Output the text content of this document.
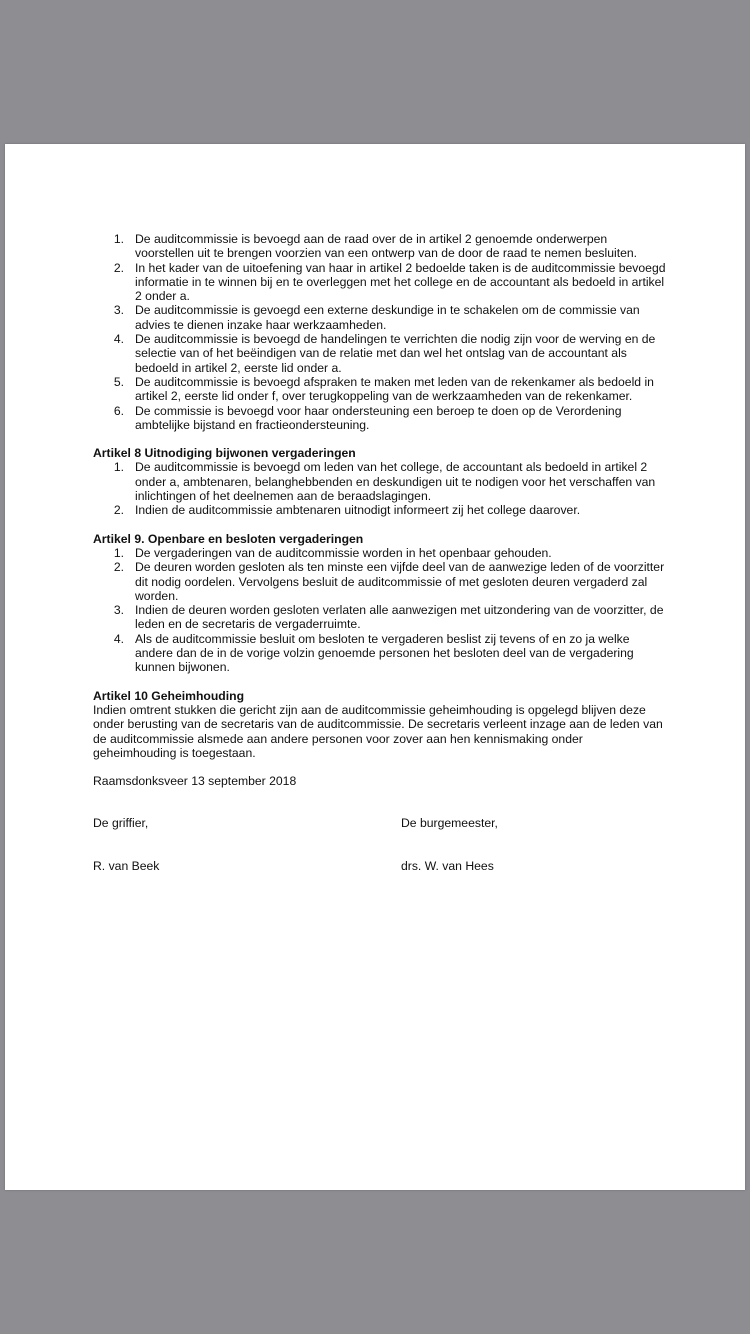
1. De auditcommissie is bevoegd aan de raad over de in artikel 2 genoemde onderwerpen voorstellen uit te brengen voorzien van een ontwerp van de door de raad te nemen besluiten.
2. In het kader van de uitoefening van haar in artikel 2 bedoelde taken is de auditcommissie bevoegd informatie in te winnen bij en te overleggen met het college en de accountant als bedoeld in artikel 2 onder a.
3. De auditcommissie is gevoegd een externe deskundige in te schakelen om de commissie van advies te dienen inzake haar werkzaamheden.
4. De auditcommissie is bevoegd de handelingen te verrichten die nodig zijn voor de werving en de selectie van of het beëindigen van de relatie met dan wel het ontslag van de accountant als bedoeld in artikel 2, eerste lid onder a.
5. De auditcommissie is bevoegd afspraken te maken met leden van de rekenkamer als bedoeld in artikel 2, eerste lid onder f, over terugkoppeling van de werkzaamheden van de rekenkamer.
6. De commissie is bevoegd voor haar ondersteuning een beroep te doen op de Verordening ambtelijke bijstand en fractieondersteuning.
Artikel 8 Uitnodiging bijwonen vergaderingen
1. De auditcommissie is bevoegd om leden van het college, de accountant als bedoeld in artikel 2 onder a, ambtenaren, belanghebbenden en deskundigen uit te nodigen voor het verschaffen van inlichtingen of het deelnemen aan de beraadslagingen.
2. Indien de auditcommissie ambtenaren uitnodigt informeert zij het college daarover.
Artikel 9. Openbare en besloten vergaderingen
1. De vergaderingen van de auditcommissie worden in het openbaar gehouden.
2. De deuren worden gesloten als ten minste een vijfde deel van de aanwezige leden of de voorzitter dit nodig oordelen. Vervolgens besluit de auditcommissie of met gesloten deuren vergaderd zal worden.
3. Indien de deuren worden gesloten verlaten alle aanwezigen met uitzondering van de voorzitter, de leden en de secretaris de vergaderruimte.
4. Als de auditcommissie besluit om besloten te vergaderen beslist zij tevens of en zo ja welke andere dan de in de vorige volzin genoemde personen het besloten deel van de vergadering kunnen bijwonen.
Artikel 10 Geheimhouding

Indien omtrent stukken die gericht zijn aan de auditcommissie geheimhouding is opgelegd blijven deze onder berusting van de secretaris van de auditcommissie. De secretaris verleent inzage aan de leden van de auditcommissie alsmede aan andere personen voor zover aan hen kennismaking onder geheimhouding is toegestaan.

Raamsdonksveer 13 september 2018

De griffier,	De burgemeester,
R. van Beek	drs. W. van Hees
